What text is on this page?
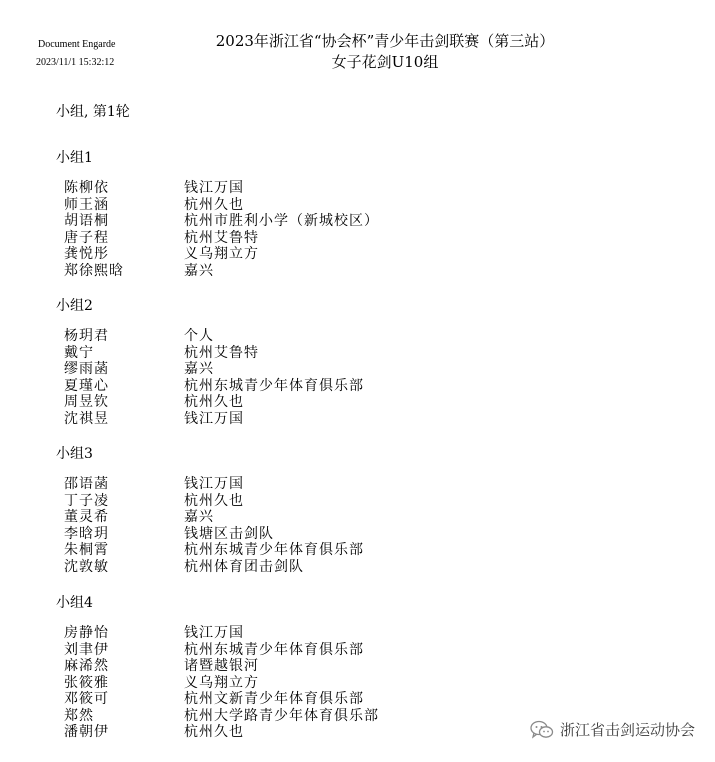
Document Engarde
2023/11/1 15:32:12
2023年浙江省“协会杯”青少年击剑联赛（第三站）
女子花剑U10组
小组, 第1轮
小组1
陈柳依	钱江万国
师王涵	杭州久也
胡语桐	杭州市胜利小学（新城校区）
唐子程	杭州艾鲁特
龚悦彤	义乌翔立方
郑徐熙晗	嘉兴
小组2
杨玥君	个人
戴宁	杭州艾鲁特
缪雨菡	嘉兴
夏瑾心	杭州东城青少年体育俱乐部
周昱钦	杭州久也
沈祺昱	钱江万国
小组3
邵语菡	钱江万国
丁子凌	杭州久也
董灵希	嘉兴
李晗玥	钱塘区击剑队
朱桐霄	杭州东城青少年体育俱乐部
沈敦敏	杭州体育团击剑队
小组4
房静怡	钱江万国
刘聿伊	杭州东城青少年体育俱乐部
麻浠然	诸暨越银河
张筱雅	义乌翔立方
邓筱可	杭州文新青少年体育俱乐部
郑然	杭州大学路青少年体育俱乐部
潘朝伊	杭州久也	浙江省击剑运动协会
